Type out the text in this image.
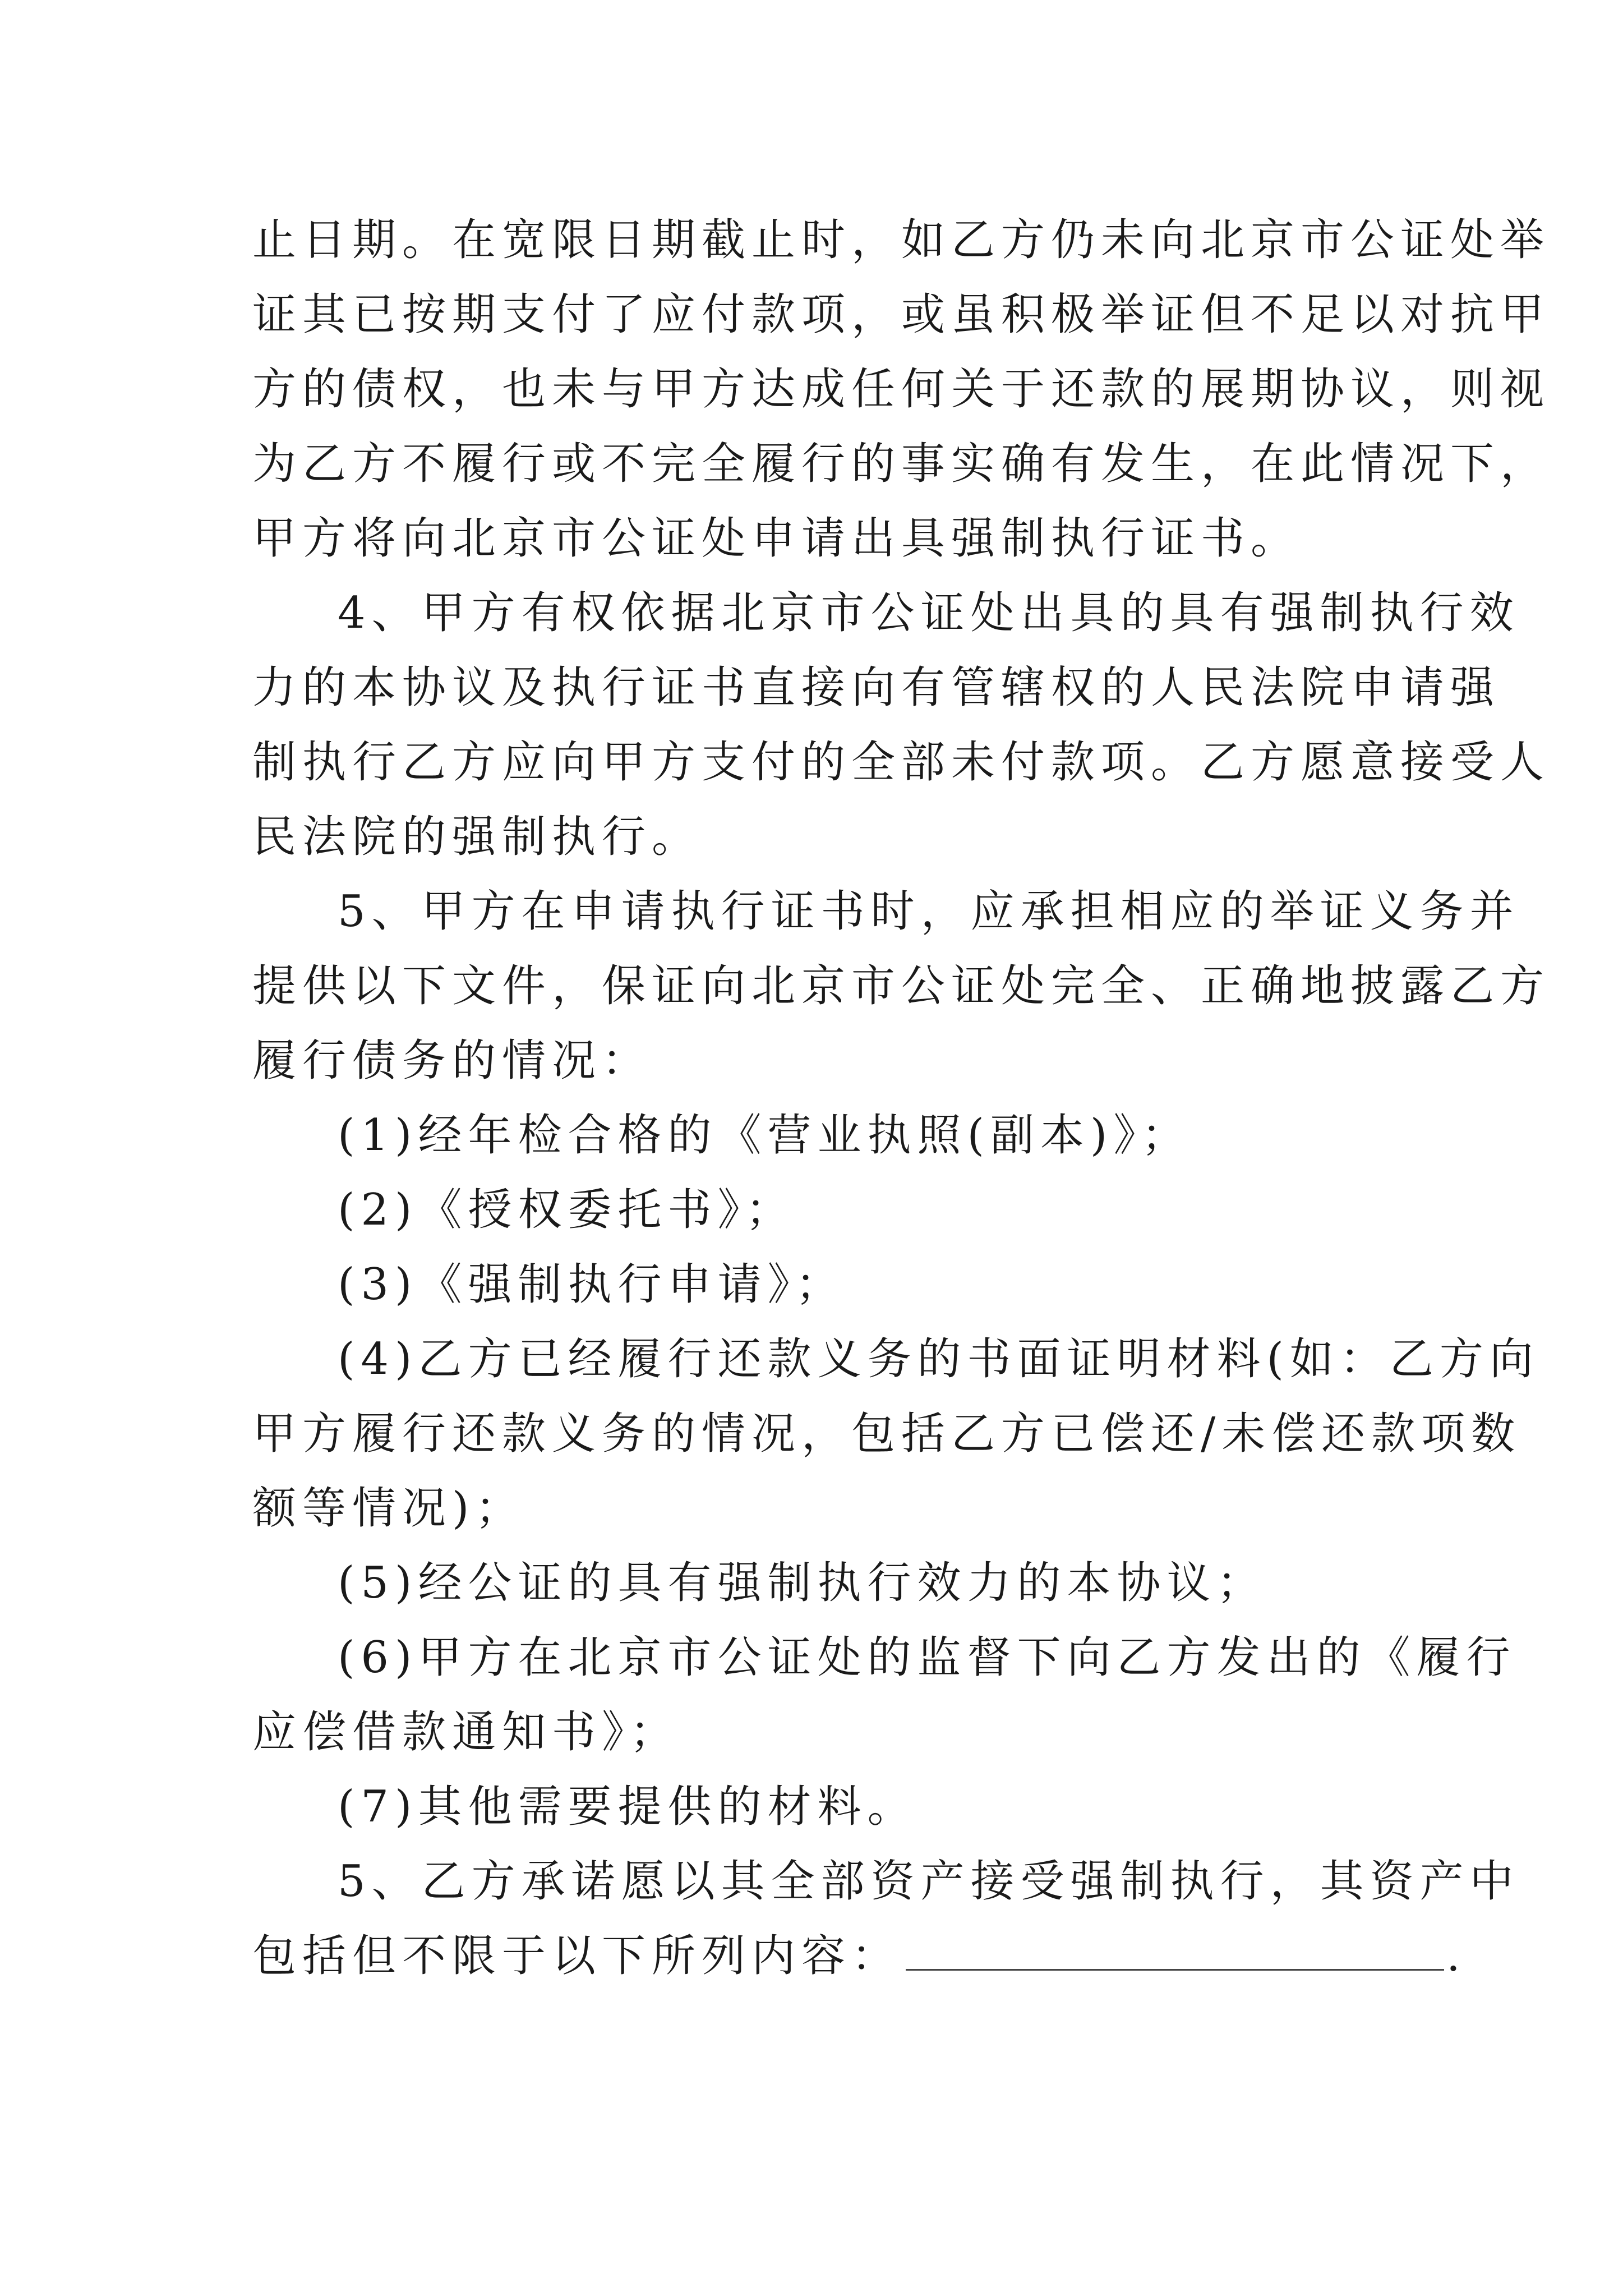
止日期。在宽限日期截止时，如乙方仍未向北京市公证处举
证其已按期支付了应付款项，或虽积极举证但不足以对抗甲
方的债权，也未与甲方达成任何关于还款的展期协议，则视
为乙方不履行或不完全履行的事实确有发生，在此情况下，
甲方将向北京市公证处申请出具强制执行证书。
4、甲方有权依据北京市公证处出具的具有强制执行效
力的本协议及执行证书直接向有管辖权的人民法院申请强
制执行乙方应向甲方支付的全部未付款项。乙方愿意接受人
民法院的强制执行。
5、甲方在申请执行证书时，应承担相应的举证义务并
提供以下文件，保证向北京市公证处完全、正确地披露乙方
履行债务的情况：
(1)经年检合格的《营业执照(副本)》；
(2)《授权委托书》；
(3)《强制执行申请》；
(4)乙方已经履行还款义务的书面证明材料(如：乙方向
甲方履行还款义务的情况，包括乙方已偿还/未偿还款项数
额等情况)；
(5)经公证的具有强制执行效力的本协议；
(6)甲方在北京市公证处的监督下向乙方发出的《履行
应偿借款通知书》；
(7)其他需要提供的材料。
5、乙方承诺愿以其全部资产接受强制执行，其资产中
包括但不限于以下所列内容：	.
